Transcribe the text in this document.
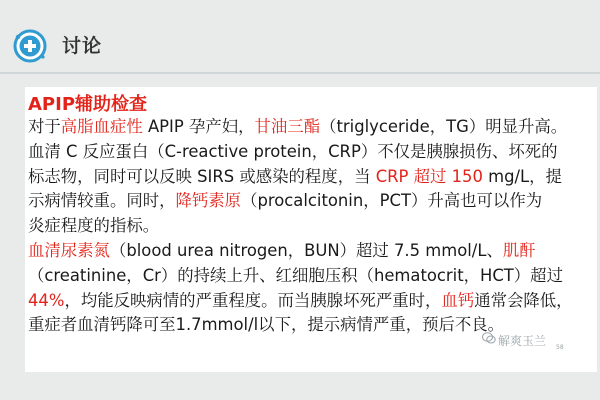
讨论
APIP辅助检查
对于高脂血症性 APIP 孕产妇，甘油三酯（triglyceride，TG）明显升高。
血清 C 反应蛋白（C-reactive protein，CRP）不仅是胰腺损伤、坏死的
标志物，同时可以反映 SIRS 或感染的程度，当 CRP 超过 150 mg/L，提
示病情较重。同时，降钙素原（procalcitonin，PCT）升高也可以作为
炎症程度的指标。
血清尿素氮（blood urea nitrogen，BUN）超过 7.5 mmol/L、肌酐
（creatinine，Cr）的持续上升、红细胞压积（hematocrit，HCT）超过
44%，均能反映病情的严重程度。而当胰腺坏死严重时，血钙通常会降低，
重症者血清钙降可至1.7mmol/l以下，提示病情严重，预后不良。
解爽玉兰 58
